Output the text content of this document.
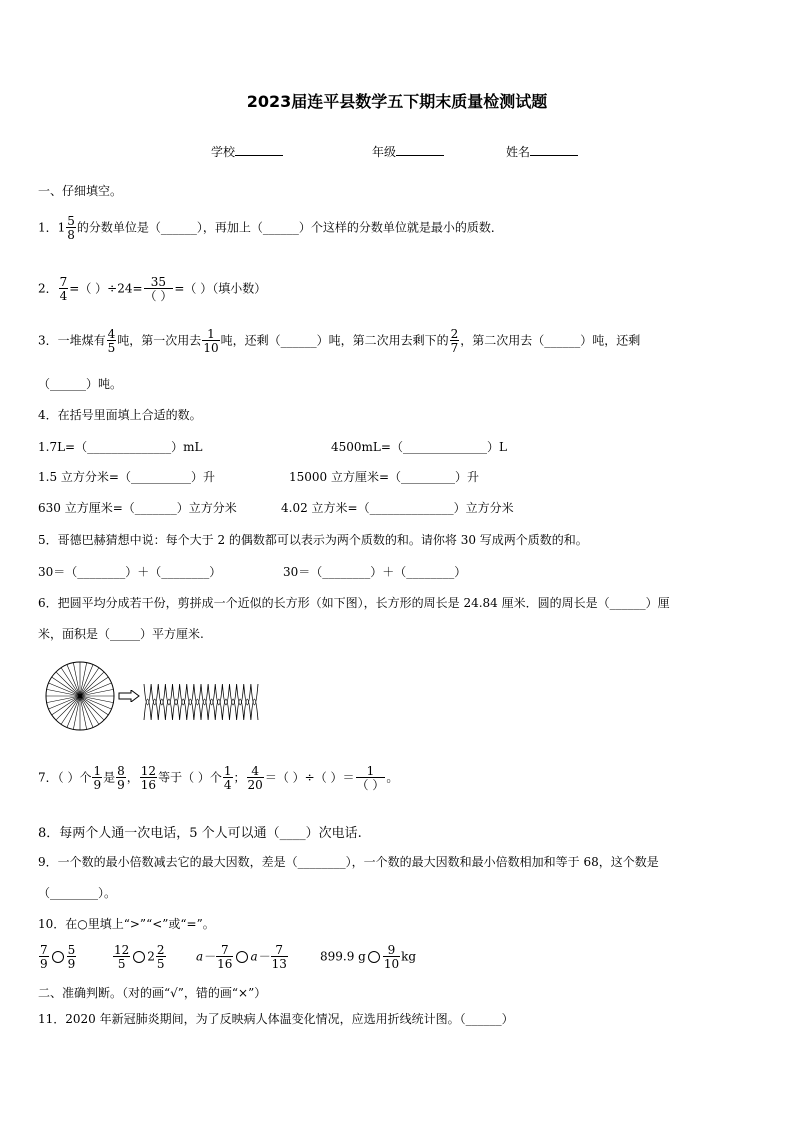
2023届连平县数学五下期末质量检测试题
学校	年级	姓名
一、仔细填空。
1．$1 \frac{5}{8}$ 的分数单位是（______），再加上（______）个这样的分数单位就是最小的质数．
2． $\frac{7}{4}$ =（ ）$\div 24= \frac{35}{( )}$ =（ ）（填小数）
3．一堆煤有 $\frac{4}{5}$ 吨，第一次用去 $\frac{1}{10}$ 吨，还剩（______）吨，第二次用去剩下的 $\frac{2}{7}$ ，第二次用去（______）吨，还剩
（______）吨。
4．在括号里面填上合适的数。
1.7L=（______________）mL	4500mL=（______________）L
1.5 立方分米=（__________）升	15000 立方厘米=（_________）升
630 立方厘米=（_______）立方分米	4.02 立方米=（______________）立方分米
5．哥德巴赫猜想中说：每个大于 2 的偶数都可以表示为两个质数的和。请你将 30 写成两个质数的和。
30＝（________）＋（________）	30＝（________）＋（________）
6．把圆平均分成若干份，剪拼成一个近似的长方形（如下图），长方形的周长是 24.84 厘米．圆的周长是（______）厘
米，面积是（_____）平方厘米.
7．（ ）个 $\frac{1}{9}$ 是 $\frac{8}{9}$ ， $\frac{12}{16}$ 等于（ ）个 $\frac{1}{4}$ ； $\frac{4}{20}$ ＝（ ）÷（ ）＝ $\frac{1}{( )}$ 。
8．每两个人通一次电话，5 个人可以通（____）次电话.
9．一个数的最小倍数减去它的最大因数，差是（________），一个数的最大因数和最小倍数相加和等于 68，这个数是
（________）。
10．在○里填上“>”“<”或“=”。
$\frac{7}{9} \frac{5}{9}$	$\frac{12}{5} 2 \frac{2}{5}$	$a- \frac{7}{16} a- \frac{7}{13}$	899.9 g $\frac{9}{10}$ kg
二、准确判断。（对的画“√”，错的画“×”）
11．2020 年新冠肺炎期间，为了反映病人体温变化情况，应选用折线统计图。（______）
